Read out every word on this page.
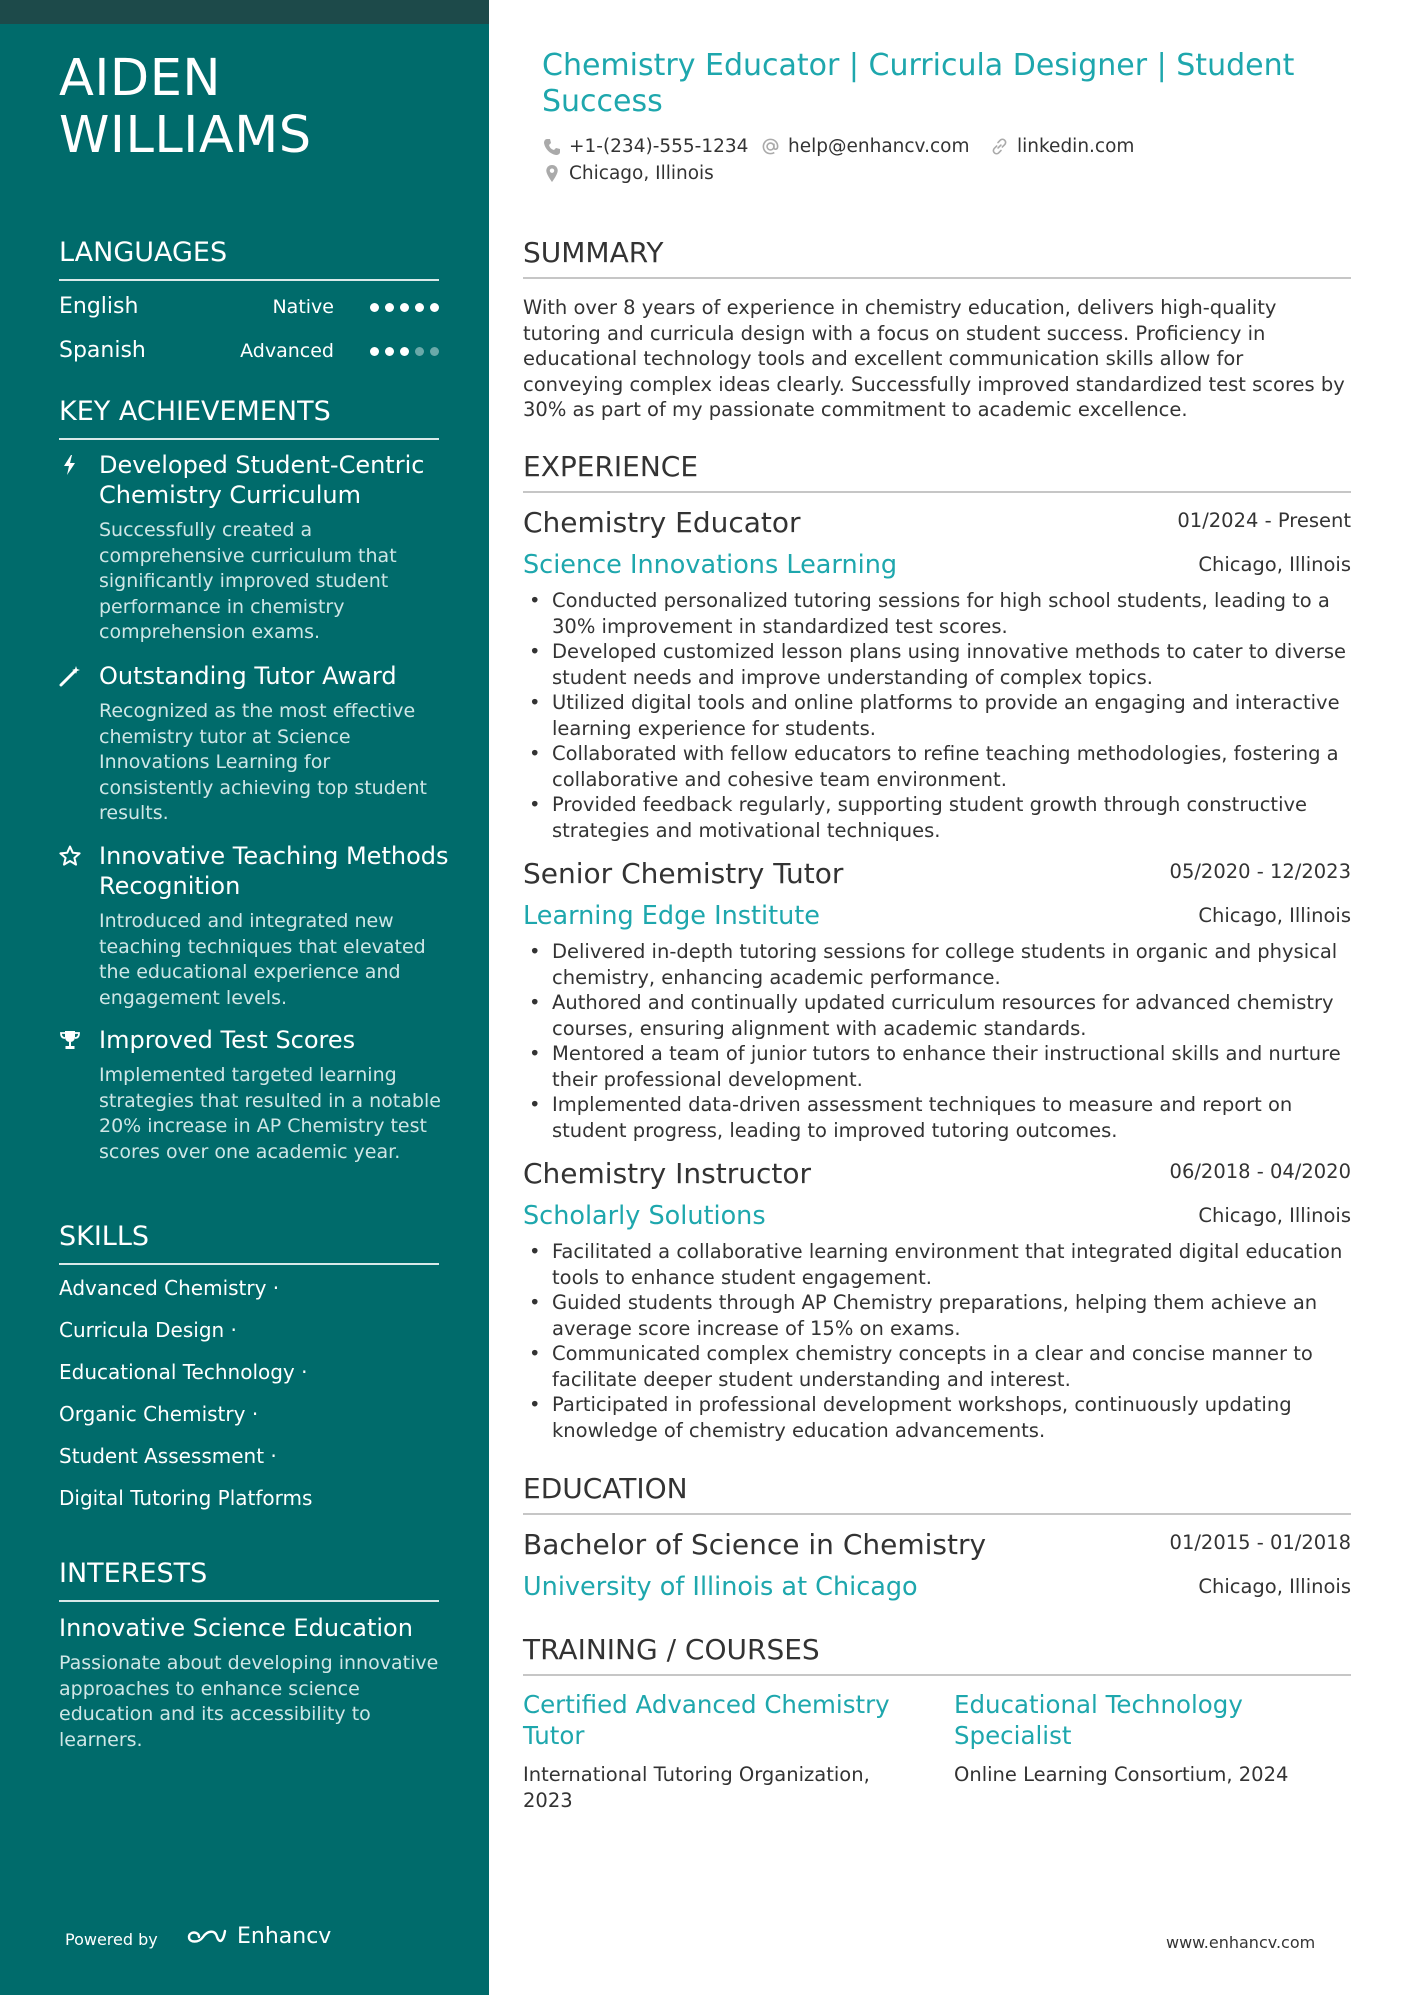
AIDEN
WILLIAMS
LANGUAGES
English	Native
Spanish	Advanced
KEY ACHIEVEMENTS
Developed Student-Centric Chemistry Curriculum
Successfully created a comprehensive curriculum that significantly improved student performance in chemistry comprehension exams.
Outstanding Tutor Award
Recognized as the most effective chemistry tutor at Science Innovations Learning for consistently achieving top student results.
Innovative Teaching Methods Recognition
Introduced and integrated new teaching techniques that elevated the educational experience and engagement levels.
Improved Test Scores
Implemented targeted learning strategies that resulted in a notable 20% increase in AP Chemistry test scores over one academic year.
SKILLS
Advanced Chemistry ·
Curricula Design ·
Educational Technology ·
Organic Chemistry ·
Student Assessment ·
Digital Tutoring Platforms
INTERESTS
Innovative Science Education
Passionate about developing innovative approaches to enhance science education and its accessibility to learners.
Powered by	Enhancv
Chemistry Educator | Curricula Designer | Student Success
+1-(234)-555-1234 help@enhancv.com	linkedin.com
Chicago, Illinois
SUMMARY
With over 8 years of experience in chemistry education, delivers high-quality tutoring and curricula design with a focus on student success. Proficiency in educational technology tools and excellent communication skills allow for conveying complex ideas clearly. Successfully improved standardized test scores by 30% as part of my passionate commitment to academic excellence.
EXPERIENCE
Chemistry Educator	01/2024 - Present
Science Innovations Learning	Chicago, Illinois
• Conducted personalized tutoring sessions for high school students, leading to a 30% improvement in standardized test scores.
• Developed customized lesson plans using innovative methods to cater to diverse student needs and improve understanding of complex topics.
• Utilized digital tools and online platforms to provide an engaging and interactive learning experience for students.
• Collaborated with fellow educators to refine teaching methodologies, fostering a collaborative and cohesive team environment.
• Provided feedback regularly, supporting student growth through constructive strategies and motivational techniques.
Senior Chemistry Tutor	05/2020 - 12/2023
Learning Edge Institute	Chicago, Illinois
• Delivered in-depth tutoring sessions for college students in organic and physical chemistry, enhancing academic performance.
• Authored and continually updated curriculum resources for advanced chemistry courses, ensuring alignment with academic standards.
• Mentored a team of junior tutors to enhance their instructional skills and nurture their professional development.
• Implemented data-driven assessment techniques to measure and report on student progress, leading to improved tutoring outcomes.
Chemistry Instructor	06/2018 - 04/2020
Scholarly Solutions	Chicago, Illinois
• Facilitated a collaborative learning environment that integrated digital education tools to enhance student engagement.
• Guided students through AP Chemistry preparations, helping them achieve an average score increase of 15% on exams.
• Communicated complex chemistry concepts in a clear and concise manner to facilitate deeper student understanding and interest.
• Participated in professional development workshops, continuously updating knowledge of chemistry education advancements.
EDUCATION
Bachelor of Science in Chemistry	01/2015 - 01/2018
University of Illinois at Chicago	Chicago, Illinois
TRAINING / COURSES
Certified Advanced Chemistry Tutor
International Tutoring Organization, 2023
Educational Technology Specialist
Online Learning Consortium, 2024
www.enhancv.com
